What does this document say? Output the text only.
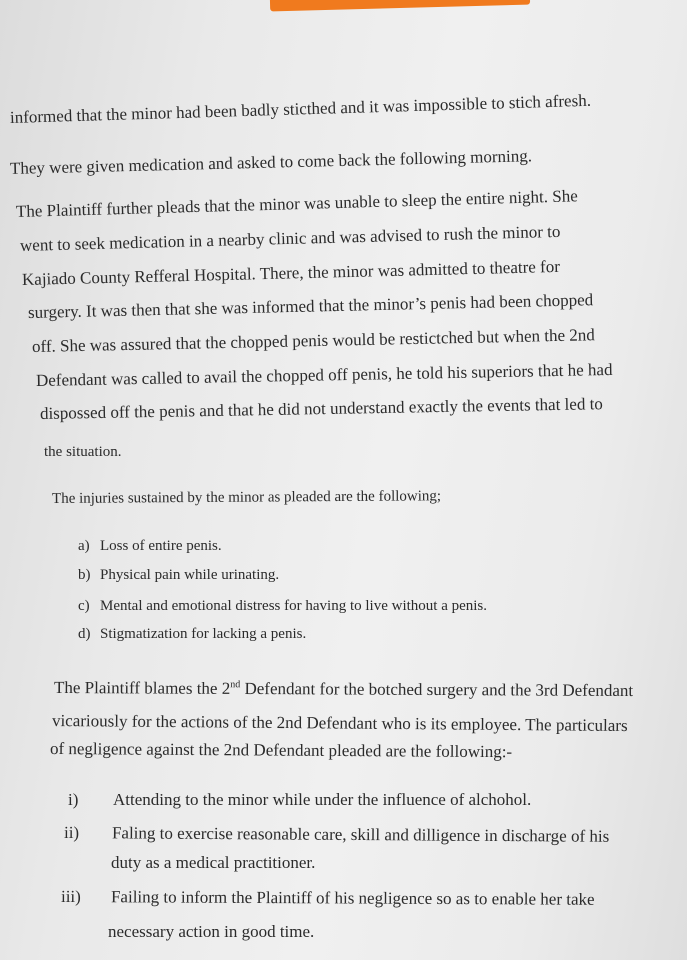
informed that the minor had been badly sticthed and it was impossible to stich afresh.
They were given medication and asked to come back the following morning.
The Plaintiff further pleads that the minor was unable to sleep the entire night. She
went to seek medication in a nearby clinic and was advised to rush the minor to
Kajiado County Refferal Hospital. There, the minor was admitted to theatre for
surgery. It was then that she was informed that the minor’s penis had been chopped
off. She was assured that the chopped penis would be restictched but when the 2nd
Defendant was called to avail the chopped off penis, he told his superiors that he had
dispossed off the penis and that he did not understand exactly the events that led to
the situation.
The injuries sustained by the minor as pleaded are the following;
a) Loss of entire penis.
b) Physical pain while urinating.
c) Mental and emotional distress for having to live without a penis.
d) Stigmatization for lacking a penis.
The Plaintiff blames the 2nd Defendant for the botched surgery and the 3rd Defendant
vicariously for the actions of the 2nd Defendant who is its employee. The particulars
of negligence against the 2nd Defendant pleaded are the following:-
i) Attending to the minor while under the influence of alchohol.
ii) Faling to exercise reasonable care, skill and dilligence in discharge of his
duty as a medical practitioner.
iii) Failing to inform the Plaintiff of his negligence so as to enable her take
necessary action in good time.
